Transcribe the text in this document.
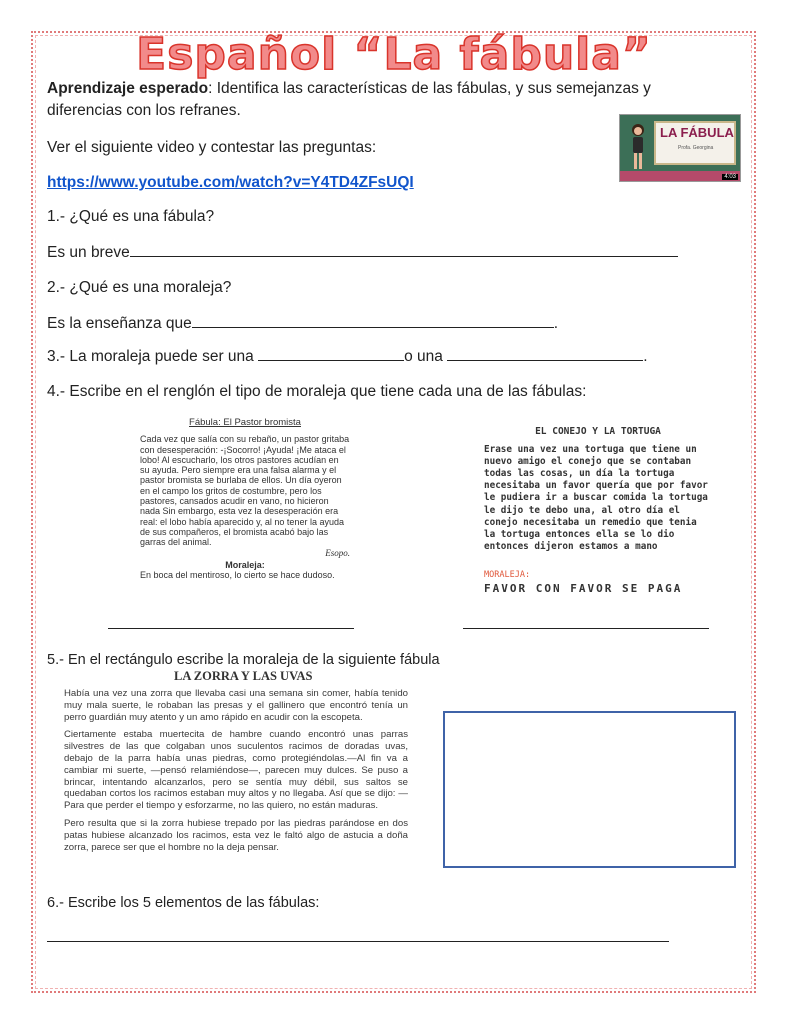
Español “La fábula”
Aprendizaje esperado: Identifica las características de las fábulas, y sus semejanzas y
diferencias con los refranes.
Ver el siguiente video y contestar las preguntas:
LA FÁBULA
Profa. Georgina
4:03
https://www.youtube.com/watch?v=Y4TD4ZFsUQI
1.- ¿Qué es una fábula?
Es un breve
2.- ¿Qué es una moraleja?
Es la enseñanza que	.
3.- La moraleja puede ser una	o una	.
4.- Escribe en el renglón el tipo de moraleja que tiene cada una de las fábulas:
Fábula: El Pastor bromista
Cada vez que salía con su rebaño, un pastor gritaba con desesperación: -¡Socorro! ¡Ayuda! ¡Me ataca el lobo! Al escucharlo, los otros pastores acudían en su ayuda. Pero siempre era una falsa alarma y el pastor bromista se burlaba de ellos. Un día oyeron en el campo los gritos de costumbre, pero los pastores, cansados acudir en vano, no hicieron nada Sin embargo, esta vez la desesperación era real: el lobo había aparecido y, al no tener la ayuda de sus compañeros, el bromista acabó bajo las garras del animal.
Esopo.
Moraleja:
En boca del mentiroso, lo cierto se hace dudoso.
EL CONEJO Y LA TORTUGA
Erase una vez una tortuga que tiene un
nuevo amigo el conejo que se contaban
todas las cosas, un día la tortuga
necesitaba un favor quería que por favor
le pudiera ir a buscar comida la tortuga
le dijo te debo una, al otro día el
conejo necesitaba un remedio que tenia
la tortuga entonces ella se lo dio
entonces dijeron estamos a mano
MORALEJA:
FAVOR CON FAVOR SE PAGA
5.- En el rectángulo escribe la moraleja de la siguiente fábula
LA ZORRA Y LAS UVAS

Había una vez una zorra que llevaba casi una semana sin comer, había tenido muy mala suerte, le robaban las presas y el gallinero que encontró tenía un perro guardián muy atento y un amo rápido en acudir con la escopeta.

Ciertamente estaba muertecita de hambre cuando encontró unas parras silvestres de las que colgaban unos suculentos racimos de doradas uvas, debajo de la parra había unas piedras, como protegiéndolas.—Al fin va a cambiar mi suerte, —pensó relamiéndose—, parecen muy dulces. Se puso a brincar, intentando alcanzarlos, pero se sentía muy débil, sus saltos se quedaban cortos los racimos estaban muy altos y no llegaba. Así que se dijo: —Para que perder el tiempo y esforzarme, no las quiero, no están maduras.

Pero resulta que si la zorra hubiese trepado por las piedras parándose en dos patas hubiese alcanzado los racimos, esta vez le faltó algo de astucia a doña zorra, parece ser que el hombre no la deja pensar.

6.- Escribe los 5 elementos de las fábulas:
